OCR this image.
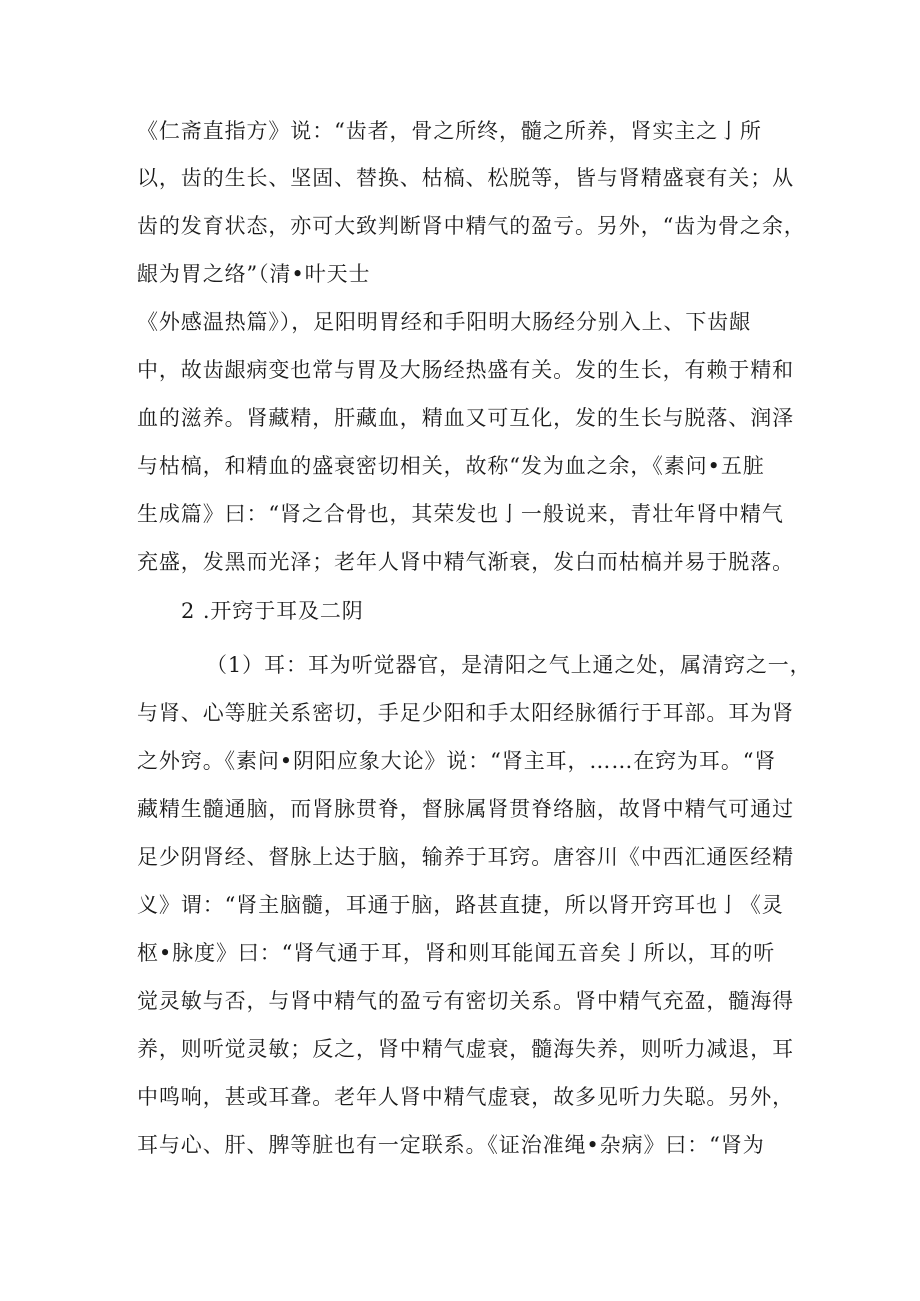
《仁斋直指方》说：“齿者，骨之所终，髓之所养，肾实主之亅所
以，齿的生长、坚固、替换、枯槁、松脱等，皆与肾精盛衰有关；从
齿的发育状态，亦可大致判断肾中精气的盈亏。另外，“齿为骨之余，
龈为胃之络”（清•叶天士
《外感温热篇》），足阳明胃经和手阳明大肠经分别入上、下齿龈
中，故齿龈病变也常与胃及大肠经热盛有关。发的生长，有赖于精和
血的滋养。肾藏精，肝藏血，精血又可互化，发的生长与脱落、润泽
与枯槁，和精血的盛衰密切相关，故称“发为血之余，《素问•五脏
生成篇》曰：“肾之合骨也，其荣发也亅一般说来，青壮年肾中精气
充盛，发黑而光泽；老年人肾中精气渐衰，发白而枯槁并易于脱落。
2 .开窍于耳及二阴
（1）耳：耳为听觉器官，是清阳之气上通之处，属清窍之一，
与肾、心等脏关系密切，手足少阳和手太阳经脉循行于耳部。耳为肾
之外窍。《素问•阴阳应象大论》说：“肾主耳，……在窍为耳。“肾
藏精生髓通脑，而肾脉贯脊，督脉属肾贯脊络脑，故肾中精气可通过
足少阴肾经、督脉上达于脑，输养于耳窍。唐容川《中西汇通医经精
义》谓：“肾主脑髓，耳通于脑，路甚直捷，所以肾开窍耳也亅《灵
枢•脉度》曰：“肾气通于耳，肾和则耳能闻五音矣亅所以，耳的听
觉灵敏与否，与肾中精气的盈亏有密切关系。肾中精气充盈，髓海得
养，则听觉灵敏；反之，肾中精气虚衰，髓海失养，则听力减退，耳
中鸣响，甚或耳聋。老年人肾中精气虚衰，故多见听力失聪。另外，
耳与心、肝、脾等脏也有一定联系。《证治准绳•杂病》曰：“肾为
